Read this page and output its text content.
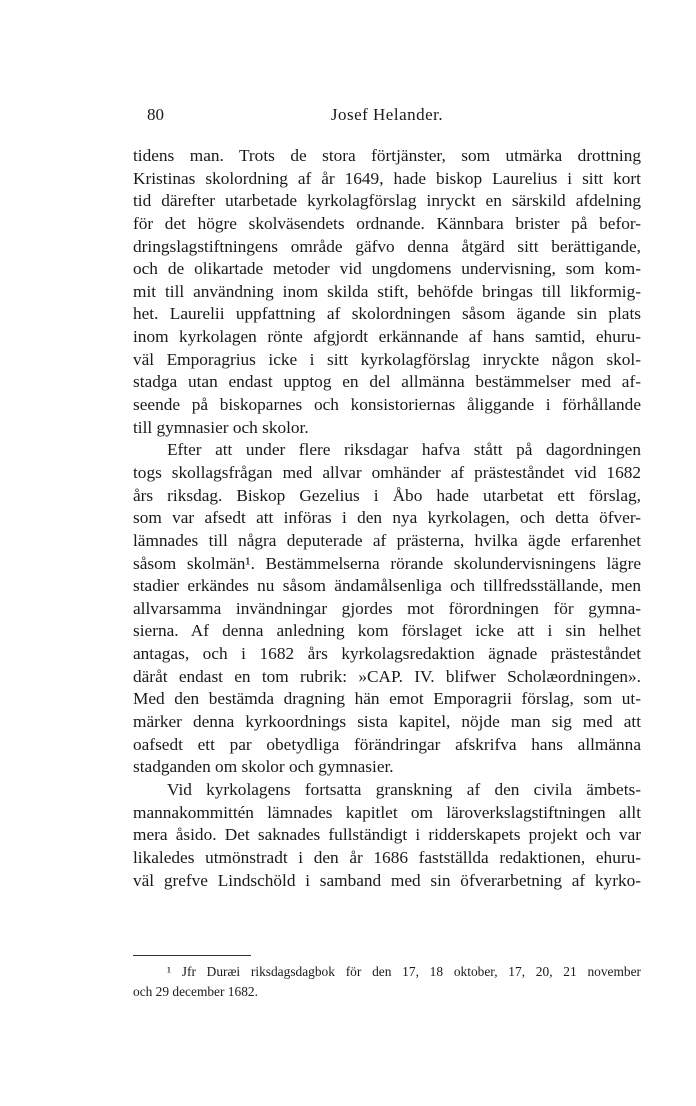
80	Josef Helander.
tidens man. Trots de stora förtjänster, som utmärka drottning
Kristinas skolordning af år 1649, hade biskop Laurelius i sitt kort
tid därefter utarbetade kyrkolagförslag inryckt en särskild afdelning
för det högre skolväsendets ordnande. Kännbara brister på befor-
dringslagstiftningens område gäfvo denna åtgärd sitt berättigande,
och de olikartade metoder vid ungdomens undervisning, som kom-
mit till användning inom skilda stift, behöfde bringas till likformig-
het. Laurelii uppfattning af skolordningen såsom ägande sin plats
inom kyrkolagen rönte afgjordt erkännande af hans samtid, ehuru-
väl Emporagrius icke i sitt kyrkolagförslag inryckte någon skol-
stadga utan endast upptog en del allmänna bestämmelser med af-
seende på biskoparnes och konsistoriernas åliggande i förhållande
till gymnasier och skolor.
Efter att under flere riksdagar hafva stått på dagordningen
togs skollagsfrågan med allvar omhänder af prästeståndet vid 1682
års riksdag. Biskop Gezelius i Åbo hade utarbetat ett förslag,
som var afsedt att införas i den nya kyrkolagen, och detta öfver-
lämnades till några deputerade af prästerna, hvilka ägde erfarenhet
såsom skolmän¹. Bestämmelserna rörande skolundervisningens lägre
stadier erkändes nu såsom ändamålsenliga och tillfredsställande, men
allvarsamma invändningar gjordes mot förordningen för gymna-
sierna. Af denna anledning kom förslaget icke att i sin helhet
antagas, och i 1682 års kyrkolagsredaktion ägnade prästeståndet
däråt endast en tom rubrik: »CAP. IV. blifwer Scholæordningen».
Med den bestämda dragning hän emot Emporagrii förslag, som ut-
märker denna kyrkoordnings sista kapitel, nöjde man sig med att
oafsedt ett par obetydliga förändringar afskrifva hans allmänna
stadganden om skolor och gymnasier.
Vid kyrkolagens fortsatta granskning af den civila ämbets-
mannakommittén lämnades kapitlet om läroverkslagstiftningen allt
mera åsido. Det saknades fullständigt i ridderskapets projekt och var
likaledes utmönstradt i den år 1686 fastställda redaktionen, ehuru-
väl grefve Lindschöld i samband med sin öfverarbetning af kyrko-
¹ Jfr Duræi riksdagsdagbok för den 17, 18 oktober, 17, 20, 21 november
och 29 december 1682.
